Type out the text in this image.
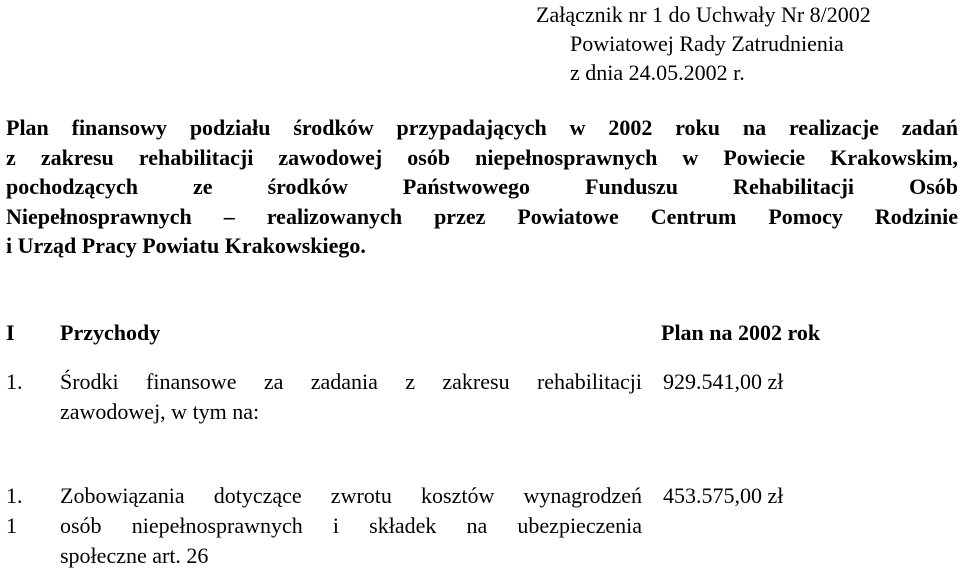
Załącznik nr 1 do Uchwały Nr 8/2002
Powiatowej Rady Zatrudnienia
z dnia 24.05.2002 r.
Plan finansowy podziału środków przypadających w 2002 roku na realizacje zadań
z zakresu rehabilitacji zawodowej osób niepełnosprawnych w Powiecie Krakowskim,
pochodzących ze środków Państwowego Funduszu Rehabilitacji Osób
Niepełnosprawnych – realizowanych przez Powiatowe Centrum Pomocy Rodzinie
i Urząd Pracy Powiatu Krakowskiego.
I Przychody	Plan na 2002 rok
1. Środki finansowe za zadania z zakresu rehabilitacji
zawodowej, w tym na:
929.541,00 zł
1.
1
Zobowiązania dotyczące zwrotu kosztów wynagrodzeń
osób niepełnosprawnych i składek na ubezpieczenia
społeczne art. 26
453.575,00 zł
